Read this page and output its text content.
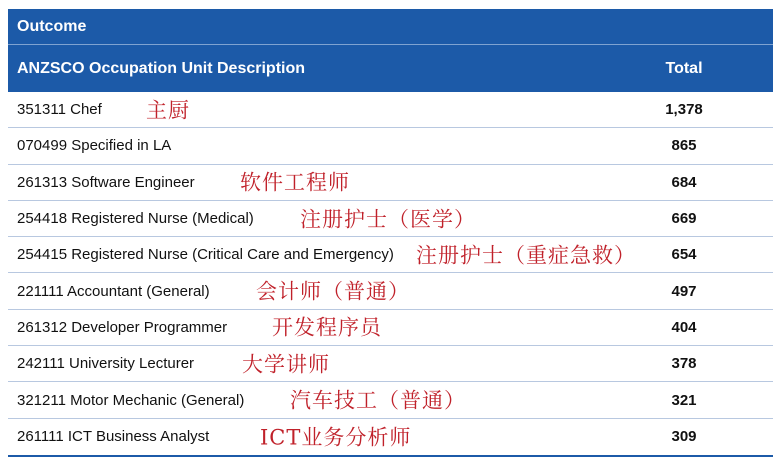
Outcome
ANZSCO Occupation Unit Description	Total
351311 Chef	主厨	1,378
070499 Specified in LA	865
261313 Software Engineer	软件工程师	684
254418 Registered Nurse (Medical)	注册护士（医学）	669
254415 Registered Nurse (Critical Care and Emergency)	注册护士（重症急救）	654
221111 Accountant (General)	会计师（普通）	497
261312 Developer Programmer	开发程序员	404
242111 University Lecturer	大学讲师	378
321211 Motor Mechanic (General)	汽车技工（普通）	321
261111 ICT Business Analyst	ICT业务分析师	309
